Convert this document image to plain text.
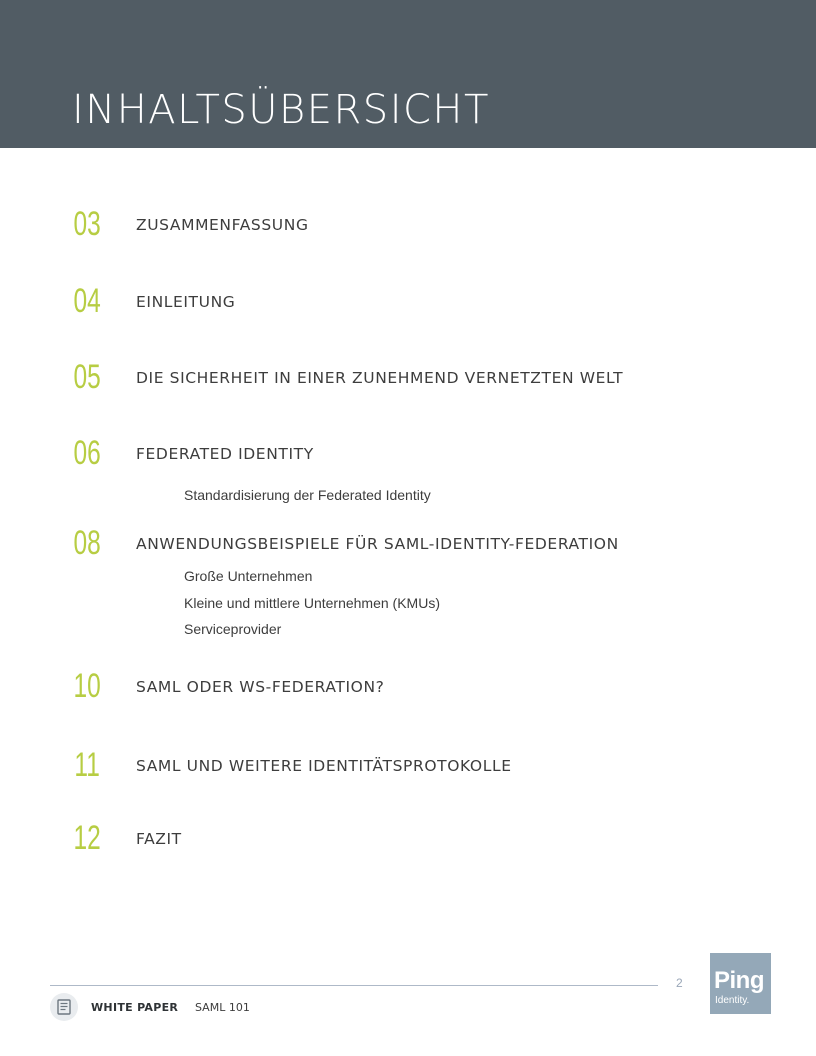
INHALTSÜBERSICHT
03 ZUSAMMENFASSUNG
04 EINLEITUNG
05 DIE SICHERHEIT IN EINER ZUNEHMEND VERNETZTEN WELT
06 FEDERATED IDENTITY
Standardisierung der Federated Identity
08 ANWENDUNGSBEISPIELE FÜR SAML-IDENTITY-FEDERATION
Große Unternehmen
Kleine und mittlere Unternehmen (KMUs)
Serviceprovider
10 SAML ODER WS-FEDERATION?
11 SAML UND WEITERE IDENTITÄTSPROTOKOLLE
12 FAZIT
2
WHITE PAPER SAML 101
Ping
Identity.
